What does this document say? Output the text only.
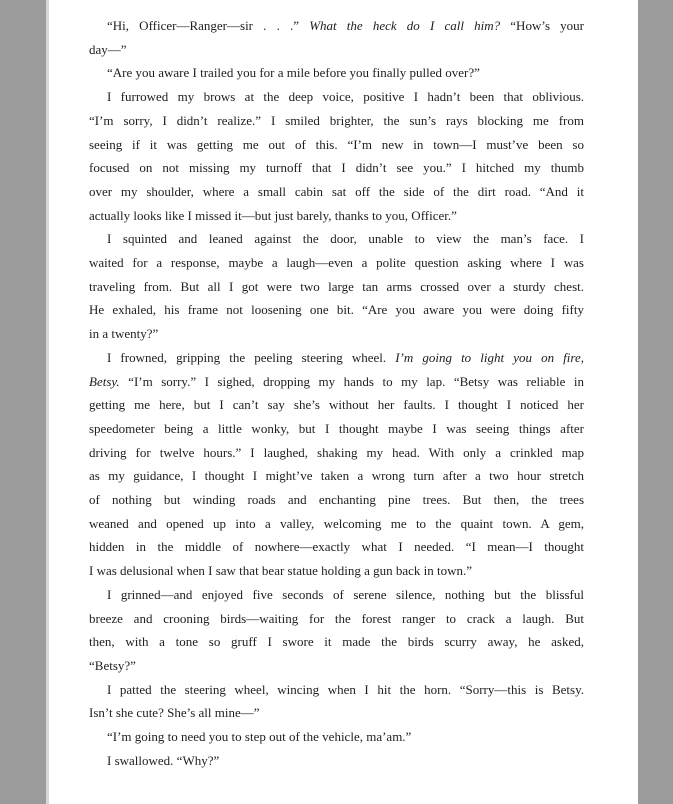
“Hi, Officer—Ranger—sir . . .” What the heck do I call him? “How’s your
day—”
“Are you aware I trailed you for a mile before you finally pulled over?”
I furrowed my brows at the deep voice, positive I hadn’t been that oblivious.
“I’m sorry, I didn’t realize.” I smiled brighter, the sun’s rays blocking me from
seeing if it was getting me out of this. “I’m new in town—I must’ve been so
focused on not missing my turnoff that I didn’t see you.” I hitched my thumb
over my shoulder, where a small cabin sat off the side of the dirt road. “And it
actually looks like I missed it—but just barely, thanks to you, Officer.”
I squinted and leaned against the door, unable to view the man’s face. I
waited for a response, maybe a laugh—even a polite question asking where I was
traveling from. But all I got were two large tan arms crossed over a sturdy chest.
He exhaled, his frame not loosening one bit. “Are you aware you were doing fifty
in a twenty?”
I frowned, gripping the peeling steering wheel. I’m going to light you on fire,
Betsy. “I’m sorry.” I sighed, dropping my hands to my lap. “Betsy was reliable in
getting me here, but I can’t say she’s without her faults. I thought I noticed her
speedometer being a little wonky, but I thought maybe I was seeing things after
driving for twelve hours.” I laughed, shaking my head. With only a crinkled map
as my guidance, I thought I might’ve taken a wrong turn after a two hour stretch
of nothing but winding roads and enchanting pine trees. But then, the trees
weaned and opened up into a valley, welcoming me to the quaint town. A gem,
hidden in the middle of nowhere—exactly what I needed. “I mean—I thought
I was delusional when I saw that bear statue holding a gun back in town.”
I grinned—and enjoyed five seconds of serene silence, nothing but the blissful
breeze and crooning birds—waiting for the forest ranger to crack a laugh. But
then, with a tone so gruff I swore it made the birds scurry away, he asked,
“Betsy?”
I patted the steering wheel, wincing when I hit the horn. “Sorry—this is Betsy.
Isn’t she cute? She’s all mine—”
“I’m going to need you to step out of the vehicle, ma’am.”
I swallowed. “Why?”
